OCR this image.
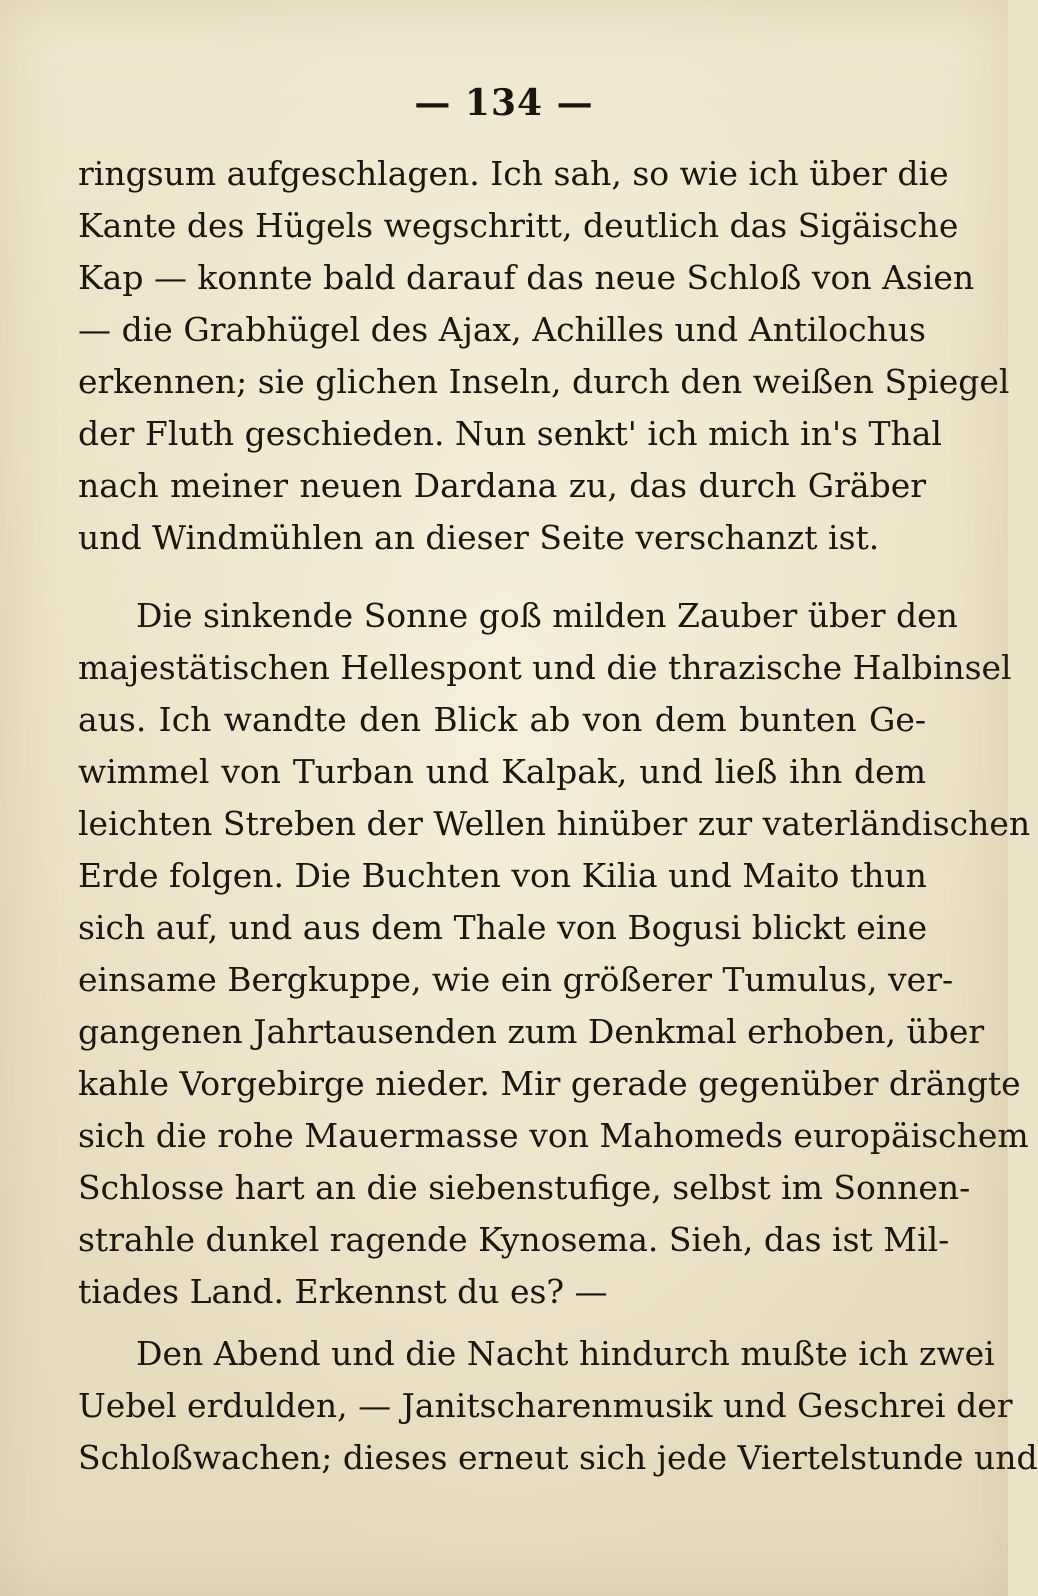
— 134 —
ringsum aufgeschlagen. Ich sah, so wie ich über die
Kante des Hügels wegschritt, deutlich das Sigäische
Kap — konnte bald darauf das neue Schloß von Asien
— die Grabhügel des Ajax, Achilles und Antilochus
erkennen; sie glichen Inseln, durch den weißen Spiegel
der Fluth geschieden. Nun senkt' ich mich in's Thal
nach meiner neuen Dardana zu, das durch Gräber
und Windmühlen an dieser Seite verschanzt ist.
Die sinkende Sonne goß milden Zauber über den
majestätischen Hellespont und die thrazische Halbinsel
aus. Ich wandte den Blick ab von dem bunten Ge-
wimmel von Turban und Kalpak, und ließ ihn dem
leichten Streben der Wellen hinüber zur vaterländischen
Erde folgen. Die Buchten von Kilia und Maito thun
sich auf, und aus dem Thale von Bogusi blickt eine
einsame Bergkuppe, wie ein größerer Tumulus, ver-
gangenen Jahrtausenden zum Denkmal erhoben, über
kahle Vorgebirge nieder. Mir gerade gegenüber drängte
sich die rohe Mauermasse von Mahomeds europäischem
Schlosse hart an die siebenstufige, selbst im Sonnen-
strahle dunkel ragende Kynosema. Sieh, das ist Mil-
tiades Land. Erkennst du es? —
Den Abend und die Nacht hindurch mußte ich zwei
Uebel erdulden, — Janitscharenmusik und Geschrei der
Schloßwachen; dieses erneut sich jede Viertelstunde und
